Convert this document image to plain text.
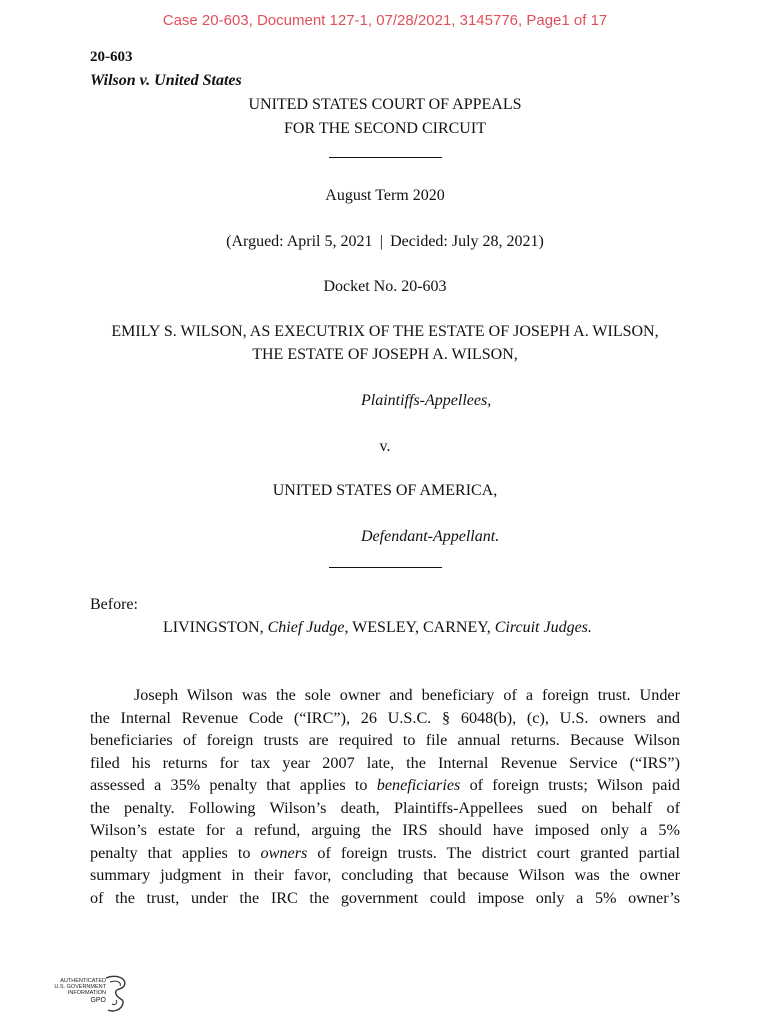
Case 20-603, Document 127-1, 07/28/2021, 3145776, Page1 of 17
20-603
Wilson v. United States
UNITED STATES COURT OF APPEALS
FOR THE SECOND CIRCUIT
August Term 2020
(Argued: April 5, 2021  |  Decided: July 28, 2021)
Docket No. 20-603
EMILY S. WILSON, AS EXECUTRIX OF THE ESTATE OF JOSEPH A. WILSON,
THE ESTATE OF JOSEPH A. WILSON,
Plaintiffs-Appellees,
v.
UNITED STATES OF AMERICA,
Defendant-Appellant.
Before:
LIVINGSTON, Chief Judge, WESLEY, CARNEY, Circuit Judges.
Joseph Wilson was the sole owner and beneficiary of a foreign trust. Under
the Internal Revenue Code (“IRC”), 26 U.S.C. § 6048(b), (c), U.S. owners and
beneficiaries of foreign trusts are required to file annual returns. Because Wilson
filed his returns for tax year 2007 late, the Internal Revenue Service (“IRS”)
assessed a 35% penalty that applies to beneficiaries of foreign trusts; Wilson paid
the penalty. Following Wilson’s death, Plaintiffs-Appellees sued on behalf of
Wilson’s estate for a refund, arguing the IRS should have imposed only a 5%
penalty that applies to owners of foreign trusts. The district court granted partial
summary judgment in their favor, concluding that because Wilson was the owner
of the trust, under the IRC the government could impose only a 5% owner’s
AUTHENTICATED
U.S. GOVERNMENT
INFORMATION
GPO
